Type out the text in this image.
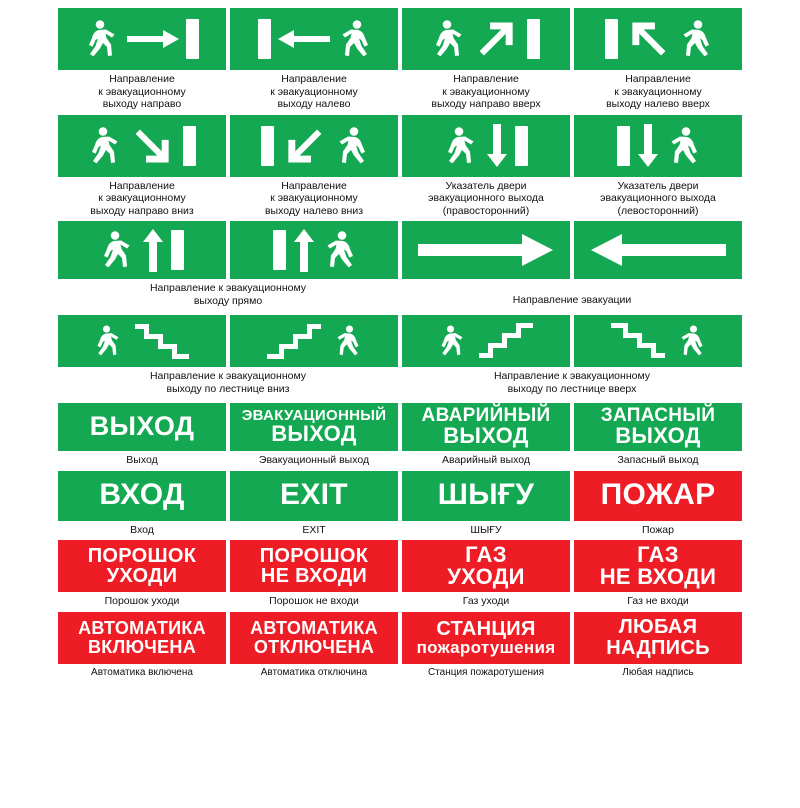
Направление
к эвакуационному
выходу направо
Направление
к эвакуационному
выходу налево
Направление
к эвакуационному
выходу направо вверх
Направление
к эвакуационному
выходу налево вверх
Направление
к эвакуационному
выходу направо вниз
Направление
к эвакуационному
выходу налево вниз
Указатель двери
эвакуационного выхода
(правосторонний)
Указатель двери
эвакуационного выхода
(левосторонний)
Направление к эвакуационному
выходу прямо	Направление эвакуации
Направление к эвакуационному
выходу по лестнице вниз
Направление к эвакуационному
выходу по лестнице вверх
ВЫХОД
Выход
ЭВАКУАЦИОННЫЙ
ВЫХОД
Эвакуационный выход
АВАРИЙНЫЙ
ВЫХОД
Аварийный выход
ЗАПАСНЫЙ
ВЫХОД
Запасный выход
ВХОД
Вход
EXIT
EXIT
ШЫҒУ
ШЫҒУ
ПОЖАР
Пожар
ПОРОШОК
УХОДИ
Порошок уходи
ПОРОШОК
НЕ ВХОДИ
Порошок не входи
ГАЗ
УХОДИ
Газ уходи
ГАЗ
НЕ ВХОДИ
Газ не входи
АВТОМАТИКА
ВКЛЮЧЕНА
Автоматика включена
АВТОМАТИКА
ОТКЛЮЧЕНА
Автоматика отключина
СТАНЦИЯ
пожаротушения
Станция пожаротушения
ЛЮБАЯ
НАДПИСЬ
Любая надпись
